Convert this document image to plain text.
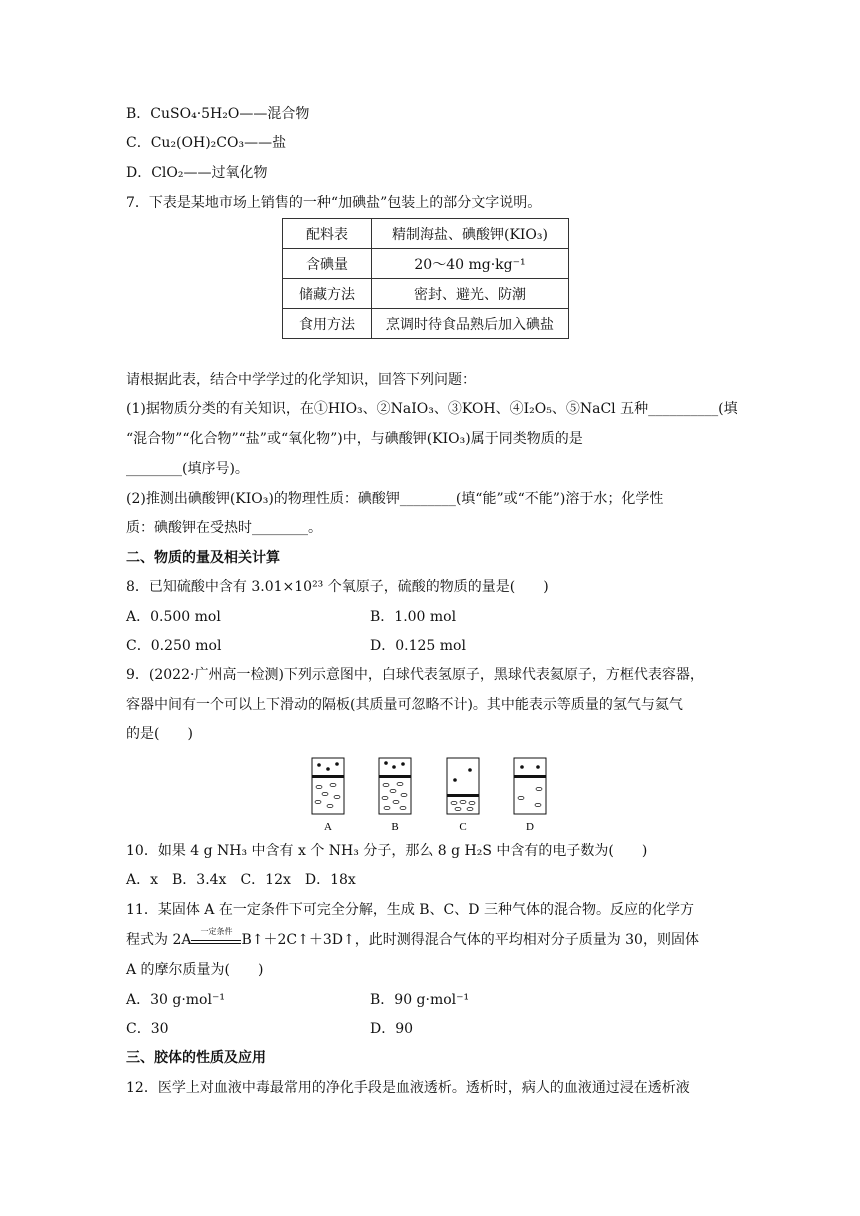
B．CuSO₄·5H₂O——混合物
C．Cu₂(OH)₂CO₃——盐
D．ClO₂——过氧化物
7．下表是某地市场上销售的一种“加碘盐”包装上的部分文字说明。
配料表	精制海盐、碘酸钾(KIO₃)
含碘量	20～40 mg·kg⁻¹
储藏方法	密封、避光、防潮
食用方法	烹调时待食品熟后加入碘盐
请根据此表，结合中学学过的化学知识，回答下列问题：
(1)据物质分类的有关知识，在①HIO₃、②NaIO₃、③KOH、④I₂O₅、⑤NaCl 五种__________(填
“混合物”“化合物”“盐”或“氧化物”)中，与碘酸钾(KIO₃)属于同类物质的是
________(填序号)。
(2)推测出碘酸钾(KIO₃)的物理性质：碘酸钾________(填“能”或“不能”)溶于水；化学性
质：碘酸钾在受热时________。
二、物质的量及相关计算
8．已知硫酸中含有 3.01×10²³ 个氧原子，硫酸的物质的量是(　　)
A．0.500 mol	B．1.00 mol
C．0.250 mol	D．0.125 mol
9．(2022·广州高一检测)下列示意图中，白球代表氢原子，黑球代表氦原子，方框代表容器，
容器中间有一个可以上下滑动的隔板(其质量可忽略不计)。其中能表示等质量的氢气与氦气
的是(　　)
A	B	C	D
10．如果 4 g NH₃ 中含有 x 个 NH₃ 分子，那么 8 g H₂S 中含有的电子数为(　　)
A．x　B．3.4x　C．12x　D．18x
11．某固体 A 在一定条件下可完全分解，生成 B、C、D 三种气体的混合物。反应的化学方
程式为 2A
一定条件
B↑＋2C↑＋3D↑，此时测得混合气体的平均相对分子质量为 30，则固体
A 的摩尔质量为(　　)
A．30 g·mol⁻¹	B．90 g·mol⁻¹
C．30	D．90
三、胶体的性质及应用
12．医学上对血液中毒最常用的净化手段是血液透析。透析时，病人的血液通过浸在透析液
